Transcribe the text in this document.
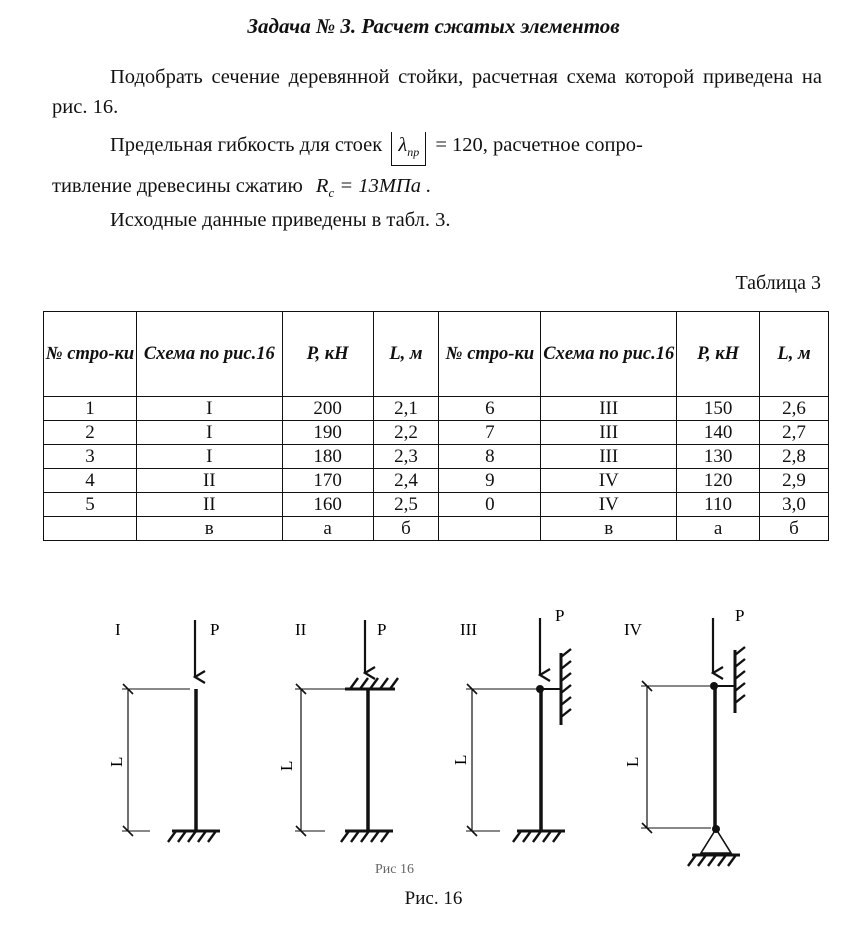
Задача № 3. Расчет сжатых элементов

Подобрать сечение деревянной стойки, расчетная схема которой приведена на рис. 16.

Предельная гибкость для стоек $\lambda_{пр} = 120$, расчетное сопро-

тивление древесины сжатию $R_c = 13МПа$ .

Исходные данные приведены в табл. 3.

Таблица 3
№ стро-ки	Схема по рис.16	P, кН	L, м	№ стро-ки	Схема по рис.16	P, кН	L, м
1	I	200	2,1	6	III	150	2,6
2	I	190	2,2	7	III	140	2,7
3	I	180	2,3	8	III	130	2,8
4	II	170	2,4	9	IV	120	2,9
5	II	160	2,5	0	IV	110	3,0
	в	а	б		в	а	б
I	P
L
II	P
L
III
P
L
IV
P
L
Рис 16
Рис. 16
